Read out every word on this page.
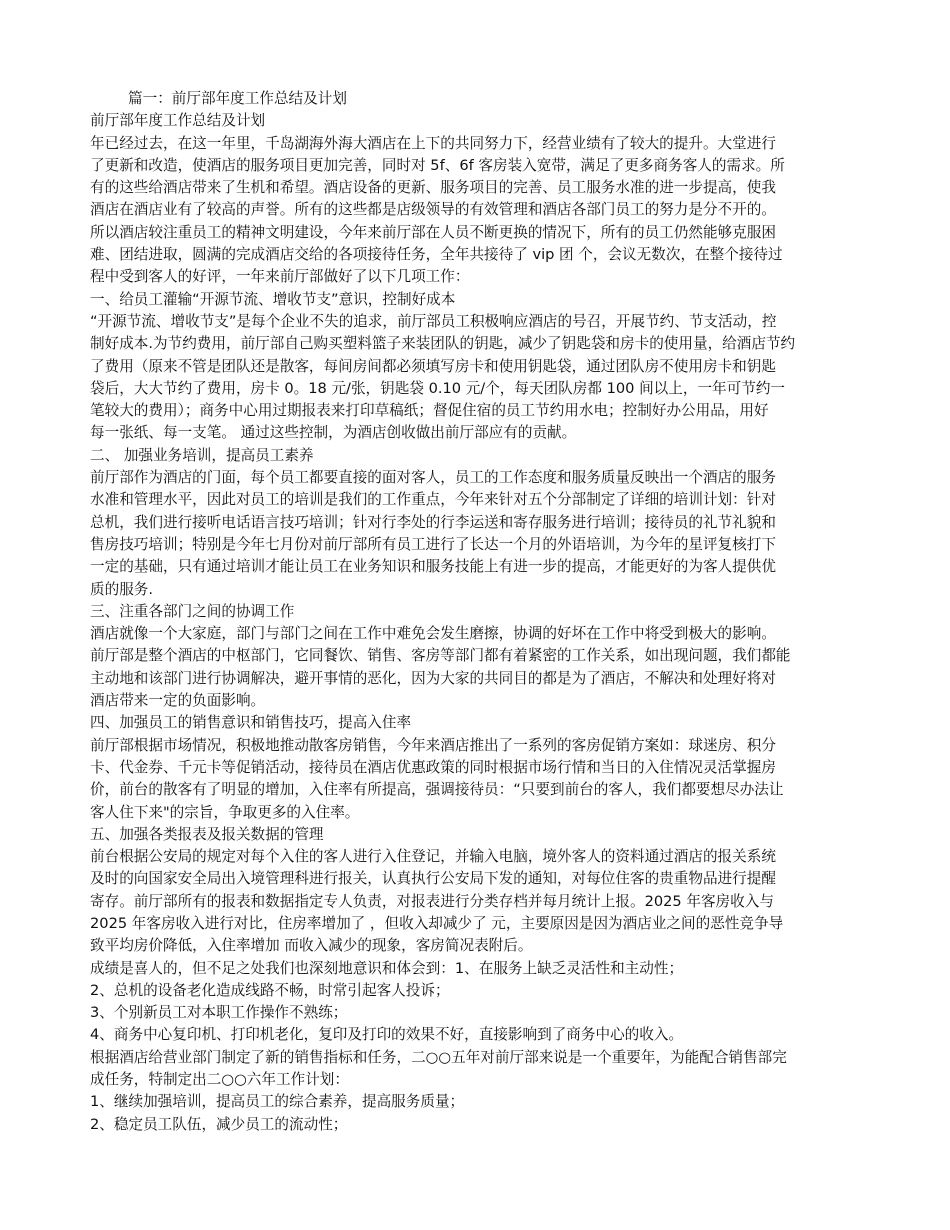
篇一：前厅部年度工作总结及计划
前厅部年度工作总结及计划
年已经过去，在这一年里，千岛湖海外海大酒店在上下的共同努力下，经营业绩有了较大的提升。大堂进行
了更新和改造，使酒店的服务项目更加完善，同时对 5f、6f 客房装入宽带，满足了更多商务客人的需求。所
有的这些给酒店带来了生机和希望。酒店设备的更新、服务项目的完善、员工服务水准的进一步提高，使我
酒店在酒店业有了较高的声誉。所有的这些都是店级领导的有效管理和酒店各部门员工的努力是分不开的。
所以酒店较注重员工的精神文明建设，今年来前厅部在人员不断更换的情况下，所有的员工仍然能够克服困
难、团结进取，圆满的完成酒店交给的各项接待任务，全年共接待了 vip 团 个，会议无数次，在整个接待过
程中受到客人的好评，一年来前厅部做好了以下几项工作：
一、给员工灌输“开源节流、增收节支”意识，控制好成本
“开源节流、增收节支”是每个企业不失的追求，前厅部员工积极响应酒店的号召，开展节约、节支活动，控
制好成本.为节约费用，前厅部自己购买塑料篮子来装团队的钥匙，减少了钥匙袋和房卡的使用量，给酒店节约
了费用（原来不管是团队还是散客，每间房间都必须填写房卡和使用钥匙袋，通过团队房不使用房卡和钥匙
袋后，大大节约了费用，房卡 0。18 元/张，钥匙袋 0.10 元/个，每天团队房都 100 间以上，一年可节约一
笔较大的费用）；商务中心用过期报表来打印草稿纸；督促住宿的员工节约用水电；控制好办公用品，用好
每一张纸、每一支笔。 通过这些控制，为酒店创收做出前厅部应有的贡献。
二、 加强业务培训，提高员工素养
前厅部作为酒店的门面，每个员工都要直接的面对客人，员工的工作态度和服务质量反映出一个酒店的服务
水准和管理水平，因此对员工的培训是我们的工作重点，今年来针对五个分部制定了详细的培训计划：针对
总机，我们进行接听电话语言技巧培训；针对行李处的行李运送和寄存服务进行培训；接待员的礼节礼貌和
售房技巧培训；特别是今年七月份对前厅部所有员工进行了长达一个月的外语培训，为今年的星评复核打下
一定的基础，只有通过培训才能让员工在业务知识和服务技能上有进一步的提高，才能更好的为客人提供优
质的服务.
三、注重各部门之间的协调工作
酒店就像一个大家庭，部门与部门之间在工作中难免会发生磨擦，协调的好坏在工作中将受到极大的影响。
前厅部是整个酒店的中枢部门，它同餐饮、销售、客房等部门都有着紧密的工作关系，如出现问题，我们都能
主动地和该部门进行协调解决，避开事情的恶化，因为大家的共同目的都是为了酒店，不解决和处理好将对
酒店带来一定的负面影响。
四、加强员工的销售意识和销售技巧，提高入住率
前厅部根据市场情况，积极地推动散客房销售，今年来酒店推出了一系列的客房促销方案如：球迷房、积分
卡、代金券、千元卡等促销活动，接待员在酒店优惠政策的同时根据市场行情和当日的入住情况灵活掌握房
价，前台的散客有了明显的增加，入住率有所提高，强调接待员：“只要到前台的客人，我们都要想尽办法让
客人住下来"的宗旨，争取更多的入住率。
五、加强各类报表及报关数据的管理
前台根据公安局的规定对每个入住的客人进行入住登记，并输入电脑，境外客人的资料通过酒店的报关系统
及时的向国家安全局出入境管理科进行报关，认真执行公安局下发的通知，对每位住客的贵重物品进行提醒
寄存。前厅部所有的报表和数据指定专人负责，对报表进行分类存档并每月统计上报。2025 年客房收入与
2025 年客房收入进行对比，住房率增加了 ，但收入却减少了 元，主要原因是因为酒店业之间的恶性竞争导
致平均房价降低，入住率增加 而收入减少的现象，客房简况表附后。
成绩是喜人的，但不足之处我们也深刻地意识和体会到：1、在服务上缺乏灵活性和主动性；
2、总机的设备老化造成线路不畅，时常引起客人投诉；
3、个别新员工对本职工作操作不熟练；
4、商务中心复印机、打印机老化，复印及打印的效果不好，直接影响到了商务中心的收入。
根据酒店给营业部门制定了新的销售指标和任务，二○○五年对前厅部来说是一个重要年，为能配合销售部完
成任务，特制定出二○○六年工作计划：
1、继续加强培训，提高员工的综合素养，提高服务质量；
2、稳定员工队伍，减少员工的流动性；
